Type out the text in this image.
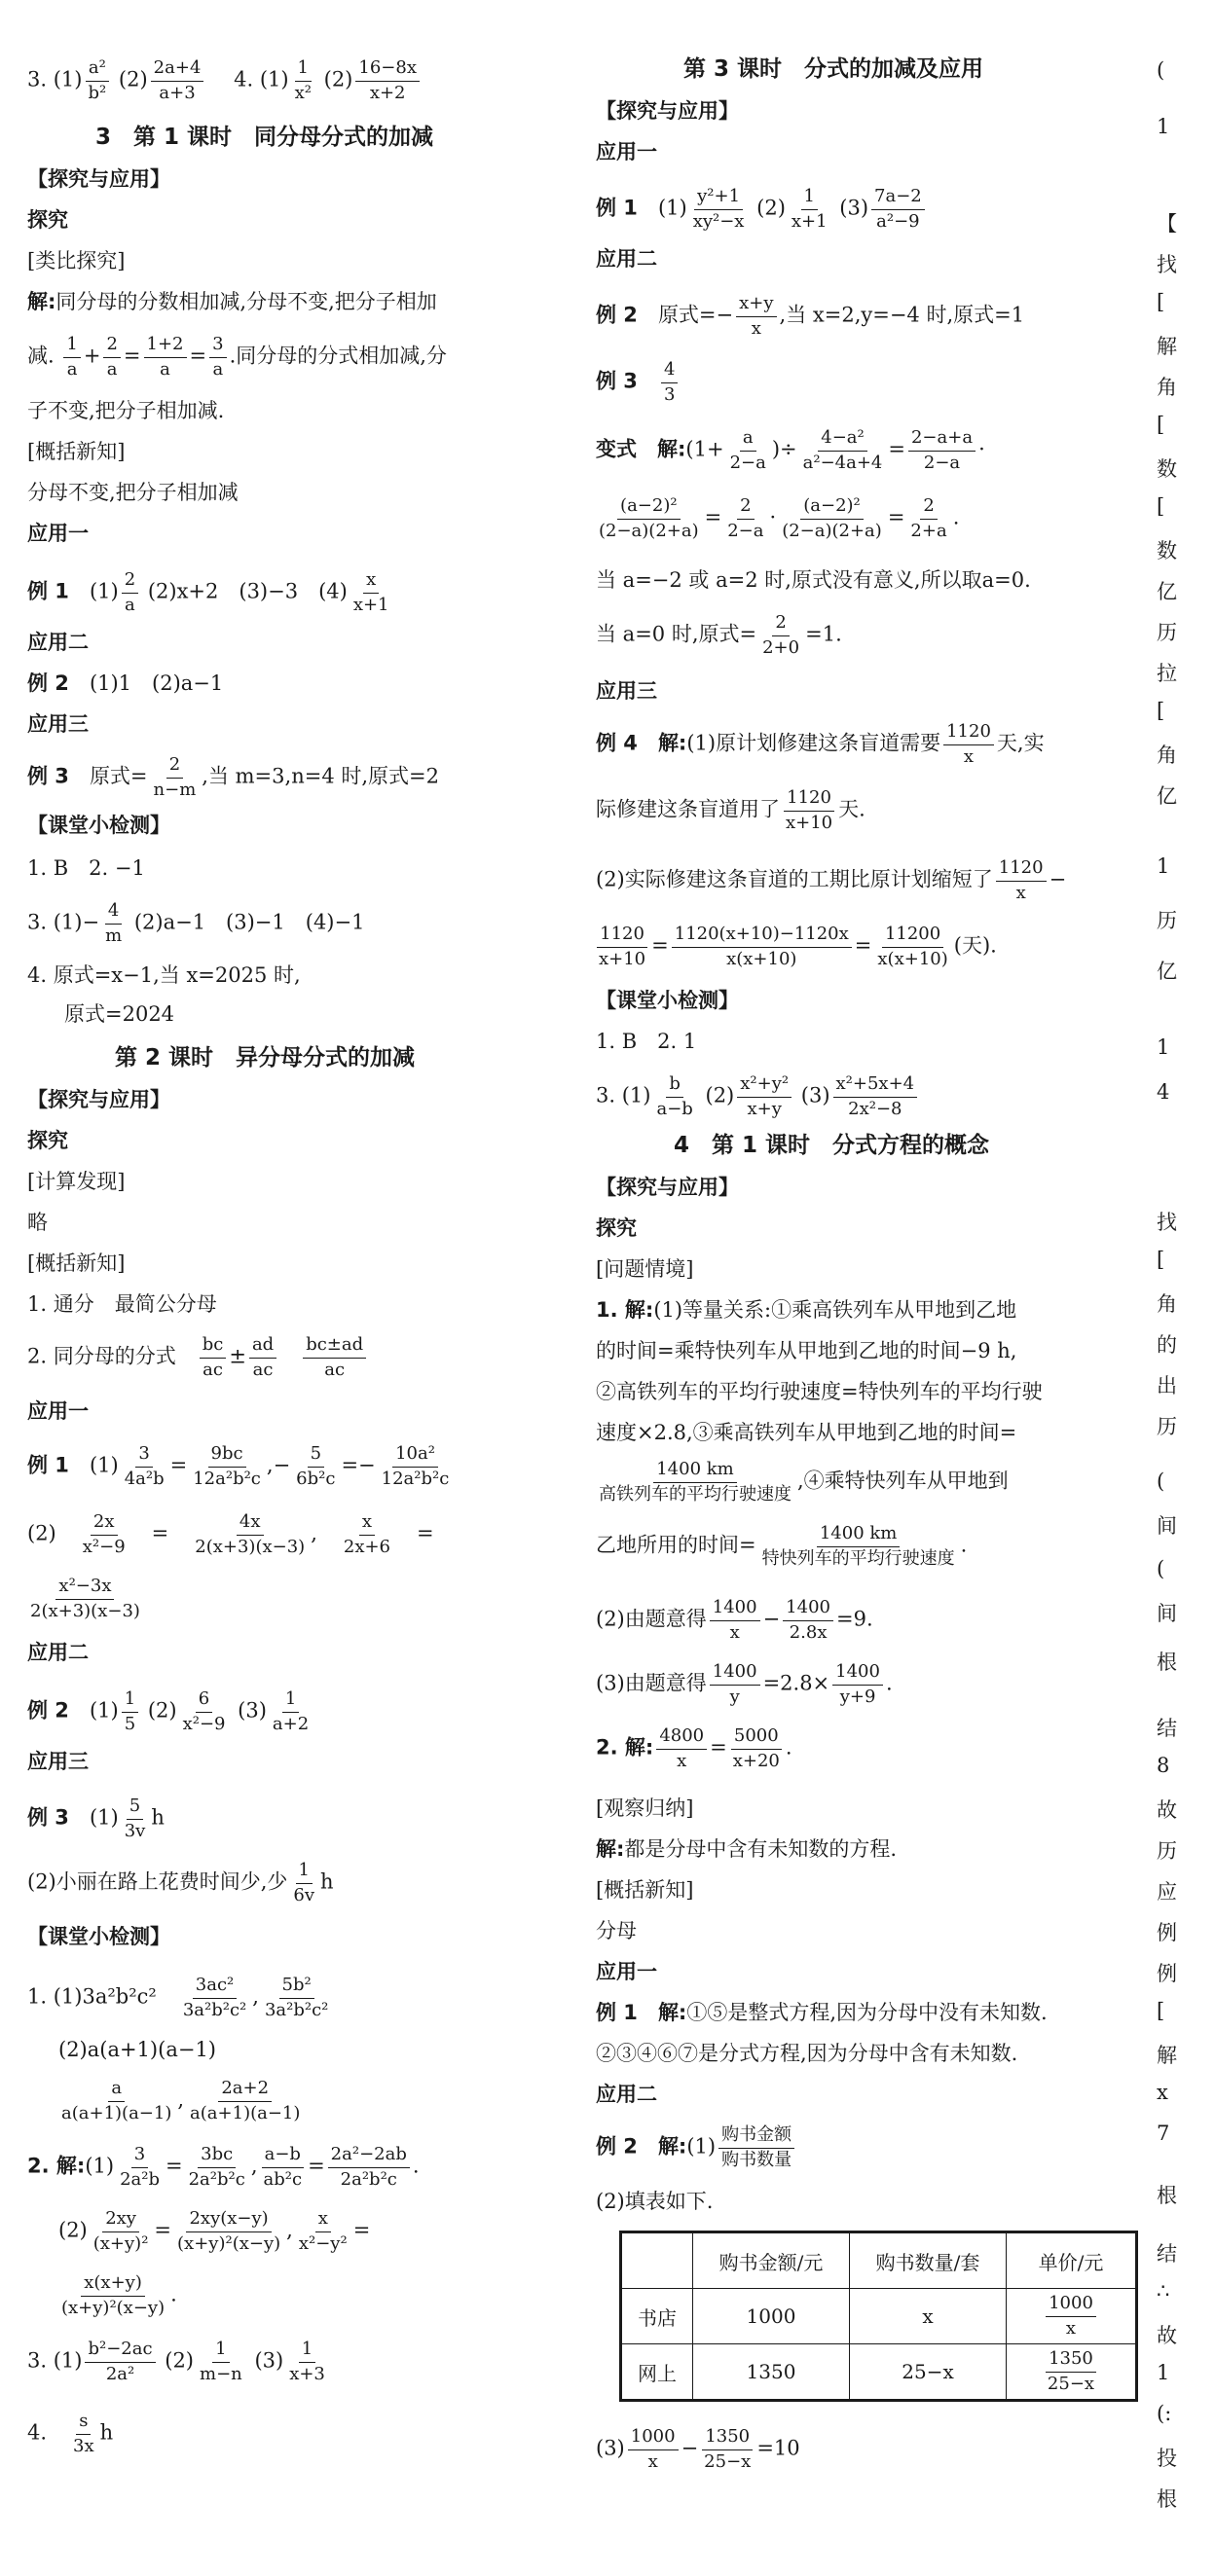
3. $(1) \frac{\text{a²}}{\text{b²}} (2) \frac{2a+4}{a+3}$
　 4. $(1) \frac{1}{\text{x²}} (2) \frac{16-8x}{x+2}$
3　第 1 课时　同分母分式的加减
【探究与应用】
探究
[类比探究]
解:同分母的分数相加减,分母不变,把分子相加
减. $\frac{1}{a} + \frac{2}{a} = \frac{1+2}{a} = \frac{3}{a}$ .同分母的分式相加减,分
子不变,把分子相加减.
[概括新知]
分母不变,把分子相加减
应用一
例 1　 $(1) \frac{2}{a} (2)x+2$　(3)−3　$(4) \frac{x}{x+1}$
应用二
例 2　 (1)1　(2)a−1
应用三
例 3　 原式= $\frac{2}{n-m}$ ,当 m=3,n=4 时,原式=2
【课堂小检测】
1. B　2. −1
3. $(1)- \frac{4}{m} (2)a-1$　(3)−1　(4)−1
4. 原式=x−1,当 x=2025 时,
原式=2024
第 2 课时　异分母分式的加减
【探究与应用】
探究
[计算发现]
略
[概括新知]
1. 通分　最简公分母
2. 同分母的分式　 $\frac{bc}{ac} \pm \frac{ad}{ac}$
　 $\frac{bc\pm ad}{ac}$
应用一
例 1　 $(1) \frac{3}{\text{4a²b}} = \frac{9bc}{\text{12a²b²c}}$ ,− $\frac{5}{\text{6b²c}} =- \frac{\text{10a²}}{\text{12a²b²c}}$
(2)　 $\frac{2x}{\text{x²−9}}$ 　=　 $\frac{4x}{2(x+3)(x-3)}$ ,　 $\frac{x}{2x+6}$ 　=
$\frac{\text{x²−3x}}{2(x+3)(x-3)}$
应用二
例 2　 $(1) \frac{1}{5} (2) \frac{6}{\text{x²−9}} (3) \frac{1}{a+2}$
应用三
例 3　 $(1) \frac{5}{3v}$ h
(2)小丽在路上花费时间少,少 $\frac{1}{6v}$ h
【课堂小检测】
1. (1)3a²b²c²　 $\frac{\text{3ac²}}{\text{3a²b²c²}}$ , $\frac{\text{5b²}}{\text{3a²b²c²}}$
(2)a(a+1)(a−1)
$\frac{a}{a(a+1)(a-1)}$ , $\frac{2a+2}{a(a+1)(a-1)}$
2. 解:(1) $\frac{3}{\text{2a²b}} = \frac{3bc}{\text{2a²b²c}}$ , $\frac{a-b}{\text{ab²c}} = \frac{\text{2a²−2ab}}{\text{2a²b²c}}$ .
$(2) \frac{2xy}{\text{(x+y)²}} = \frac{2xy(x-y)}{\text{(x+y)²(x−y)}}$ , $\frac{x}{\text{x²−y²}}$ =
$\frac{x(x+y)}{\text{(x+y)²(x−y)}}$ .
3. $(1) \frac{\text{b²−2ac}}{\text{2a²}} (2) \frac{1}{m-n} (3) \frac{1}{x+3}$
4.　 $\frac{s}{3x}$ h
第 3 课时　分式的加减及应用
【探究与应用】
应用一
例 1　 $(1) \frac{\text{y²+1}}{\text{xy²−x}} (2) \frac{1}{x+1} (3) \frac{7a-2}{\text{a²−9}}$
应用二
例 2　 原式=− $\frac{x+y}{x}$ ,当 x=2,y=−4 时,原式=1
例 3　 $\frac{4}{3}$
变式　 解:(1+ $\frac{a}{2-a}$ )÷ $\frac{\text{4−a²}}{\text{a²−4a+4}} = \frac{2-a+a}{2-a}$ ·
$\frac{\text{(a−2)²}}{(2-a)(2+a)} = \frac{2}{2-a} \cdot \frac{\text{(a−2)²}}{(2-a)(2+a)} = \frac{2}{2+a}$ .
当 a=−2 或 a=2 时,原式没有意义,所以取a=0.
当 a=0 时,原式= $\frac{2}{2+0} =1$.
应用三
例 4　 解:(1)原计划修建这条盲道需要 $\frac{1120}{x}$ 天,实
际修建这条盲道用了 $\frac{1120}{x+10}$ 天.
(2)实际修建这条盲道的工期比原计划缩短了 $\frac{1120}{x}$ −
$\frac{1120}{x+10} = \frac{1120(x+10)-1120x}{x(x+10)} = \frac{11200}{x(x+10)}$ (天).
【课堂小检测】
1. B　2. 1
3. $(1) \frac{b}{a-b} (2) \frac{\text{x²+y²}}{x+y} (3) \frac{\text{x²+5x+4}}{\text{2x²−8}}$
4　第 1 课时　分式方程的概念
【探究与应用】
探究
[问题情境]
1. 解:(1)等量关系:①乘高铁列车从甲地到乙地
的时间=乘特快列车从甲地到乙地的时间−9 h,
②高铁列车的平均行驶速度=特快列车的平均行驶
速度×2.8,③乘高铁列车从甲地到乙地的时间=
1400 km
高铁列车的平均行驶速度
,④乘特快列车从甲地到
乙地所用的时间=
1400 km
特快列车的平均行驶速度
.
(2)由题意得 $\frac{1400}{x} - \frac{1400}{2.8x} =9$.
(3)由题意得 $\frac{1400}{y} =2.8\times \frac{1400}{y+9}$ .
2. 解: $\frac{4800}{x} = \frac{5000}{x+20}$ .
[观察归纳]
解:都是分母中含有未知数的方程.
[概括新知]
分母
应用一
例 1　 解:①⑤是整式方程,因为分母中没有未知数.
②③④⑥⑦是分式方程,因为分母中含有未知数.
应用二
例 2　 解:(1)
购书金额
购书数量
(2)填表如下.
	购书金额/元	购书数量/套	单价/元
书店	1000	x	$\frac{1000}{x}$

网上	1350	25−x	$\frac{1350}{25-x}$
$(3) \frac{1000}{x} - \frac{1350}{25-x} =10$
(
1
【
找
[
解
角
[
数
[
数
亿
历
拉
[
角
亿
1
历
亿
1
4
找
[
角
的
出
历
(
间
(
间
根
结
8
故
历
应
例
例
[
解
x
7
根
结
∴
故
1
(:
投
根
